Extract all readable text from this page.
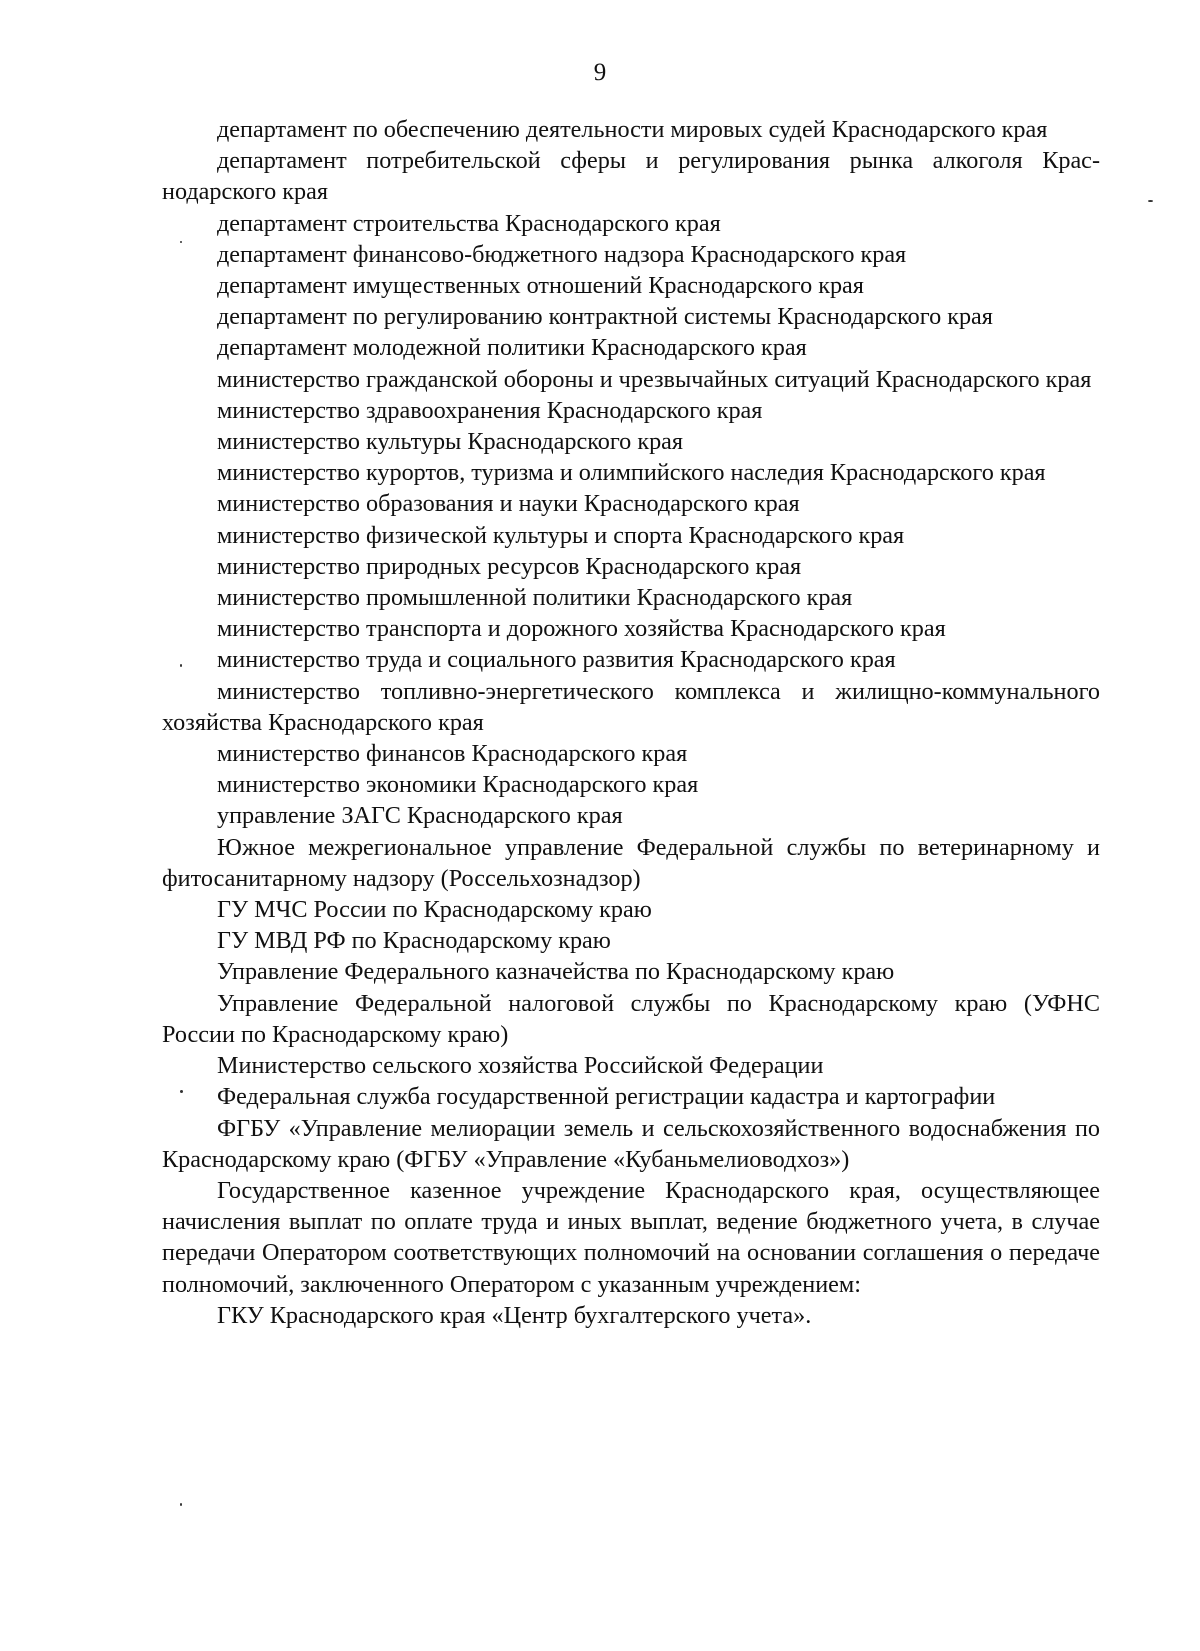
9

департамент по обеспечению деятельности мировых судей Краснодарского края

департамент потребительской сферы и регулирования рынка алкоголя Краснодарского края

департамент строительства Краснодарского края

департамент финансово-бюджетного надзора Краснодарского края

департамент имущественных отношений Краснодарского края

департамент по регулированию контрактной системы Краснодарского края

департамент молодежной политики Краснодарского края

министерство гражданской обороны и чрезвычайных ситуаций Краснодарского края

министерство здравоохранения Краснодарского края

министерство культуры Краснодарского края

министерство курортов, туризма и олимпийского наследия Краснодарского края

министерство образования и науки Краснодарского края

министерство физической культуры и спорта Краснодарского края

министерство природных ресурсов Краснодарского края

министерство промышленной политики Краснодарского края

министерство транспорта и дорожного хозяйства Краснодарского края

министерство труда и социального развития Краснодарского края

министерство топливно-энергетического комплекса и жилищно-коммунального хозяйства Краснодарского края

министерство финансов Краснодарского края

министерство экономики Краснодарского края

управление ЗАГС Краснодарского края

Южное межрегиональное управление Федеральной службы по ветеринарному и фитосанитарному надзору (Россельхознадзор)

ГУ МЧС России по Краснодарскому краю

ГУ МВД РФ по Краснодарскому краю

Управление Федерального казначейства по Краснодарскому краю

Управление Федеральной налоговой службы по Краснодарскому краю (УФНС России по Краснодарскому краю)

Министерство сельского хозяйства Российской Федерации

Федеральная служба государственной регистрации кадастра и картографии

ФГБУ «Управление мелиорации земель и сельскохозяйственного водоснабжения по Краснодарскому краю (ФГБУ «Управление «Кубаньмелиоводхоз»)

Государственное казенное учреждение Краснодарского края, осуществляющее начисления выплат по оплате труда и иных выплат, ведение бюджетного учета, в случае передачи Оператором соответствующих полномочий на основании соглашения о передаче полномочий, заключенного Оператором с указанным учреждением:

ГКУ Краснодарского края «Центр бухгалтерского учета».
